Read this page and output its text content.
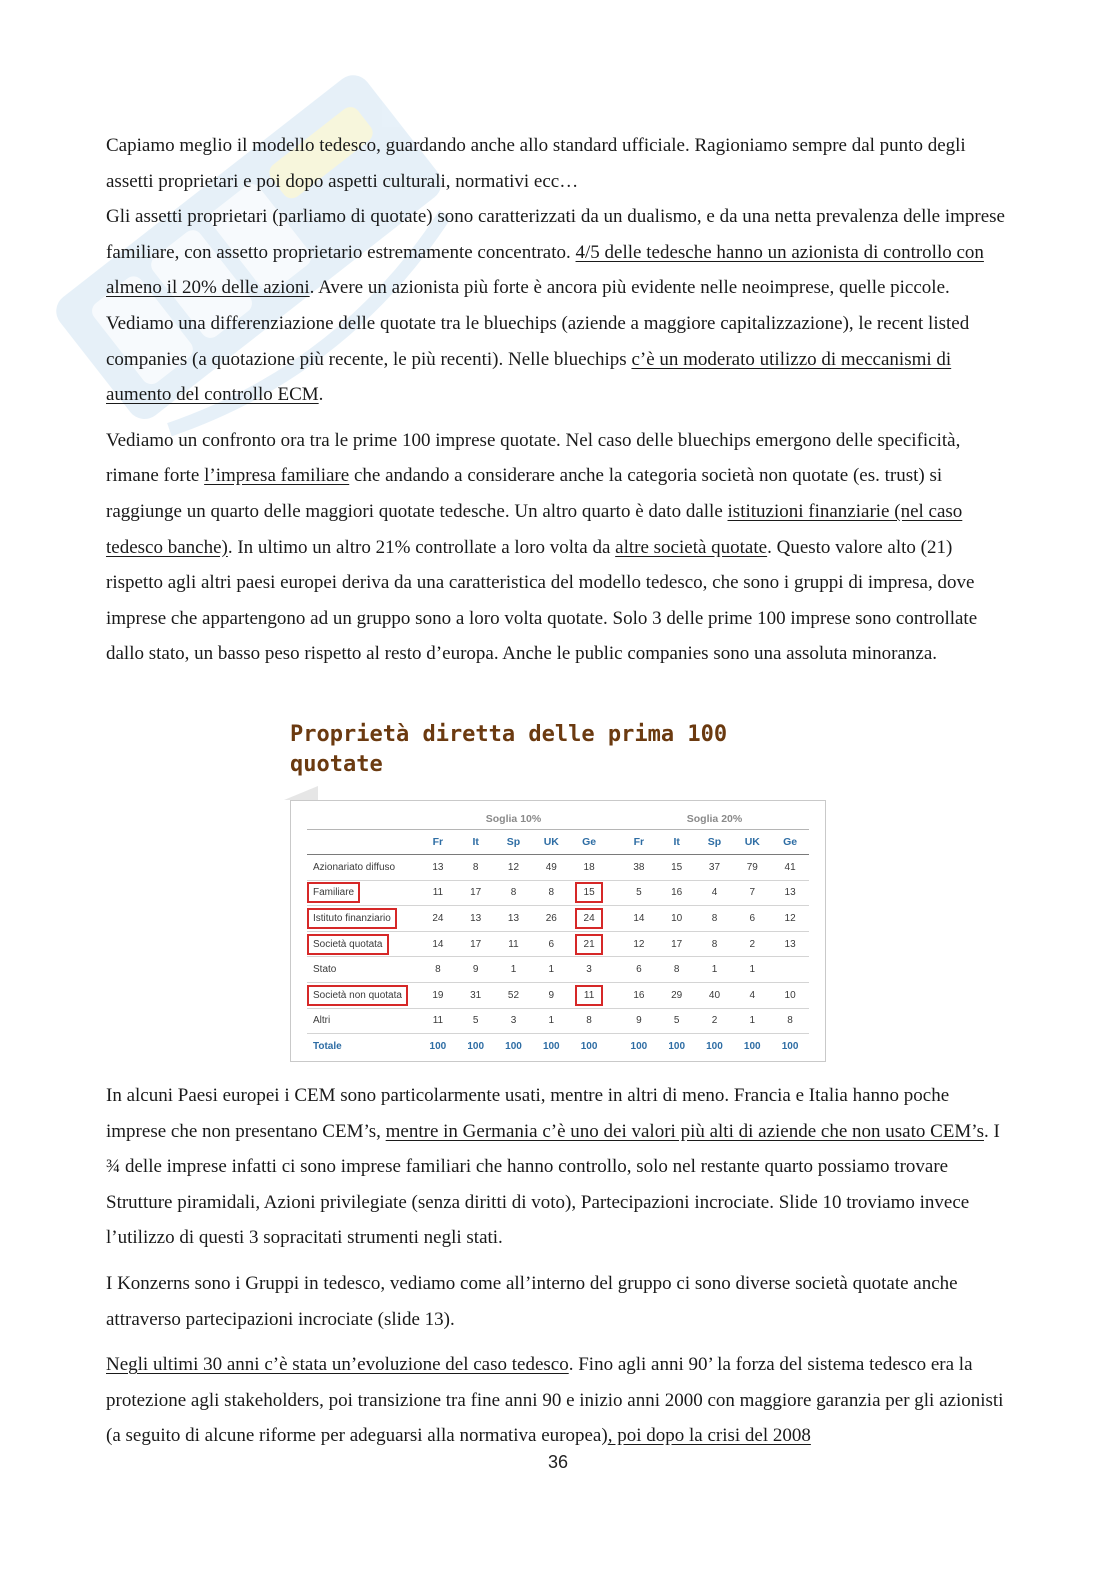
Capiamo meglio il modello tedesco, guardando anche allo standard ufficiale. Ragioniamo sempre dal punto degli assetti proprietari e poi dopo aspetti culturali, normativi ecc…

Gli assetti proprietari (parliamo di quotate) sono caratterizzati da un dualismo, e da una netta prevalenza delle imprese familiare, con assetto proprietario estremamente concentrato. 4/5 delle tedesche hanno un azionista di controllo con almeno il 20% delle azioni. Avere un azionista più forte è ancora più evidente nelle neoimprese, quelle piccole. Vediamo una differenziazione delle quotate tra le bluechips (aziende a maggiore capitalizzazione), le recent listed companies (a quotazione più recente, le più recenti). Nelle bluechips c’è un moderato utilizzo di meccanismi di aumento del controllo ECM.

Vediamo un confronto ora tra le prime 100 imprese quotate. Nel caso delle bluechips emergono delle specificità, rimane forte l’impresa familiare che andando a considerare anche la categoria società non quotate (es. trust) si raggiunge un quarto delle maggiori quotate tedesche. Un altro quarto è dato dalle istituzioni finanziarie (nel caso tedesco banche). In ultimo un altro 21% controllate a loro volta da altre società quotate. Questo valore alto (21) rispetto agli altri paesi europei deriva da una caratteristica del modello tedesco, che sono i gruppi di impresa, dove imprese che appartengono ad un gruppo sono a loro volta quotate. Solo 3 delle prime 100 imprese sono controllate dallo stato, un basso peso rispetto al resto d’europa. Anche le public companies sono una assoluta minoranza.

Proprietà diretta delle prima 100
quotate

	Soglia 10%						Soglia 20%				
	Fr	It	Sp	UK	Ge		Fr	It	Sp	UK	Ge
Azionariato diffuso	13	8	12	49	18		38	15	37	79	41
Familiare	11	17	8	8	15		5	16	4	7	13
Istituto finanziario	24	13	13	26	24		14	10	8	6	12
Società quotata	14	17	11	6	21		12	17	8	2	13
Stato	8	9	1	1	3		6	8	1	1	
Società non quotata	19	31	52	9	11		16	29	40	4	10
Altri	11	5	3	1	8		9	5	2	1	8
Totale	100	100	100	100	100		100	100	100	100	100

In alcuni Paesi europei i CEM sono particolarmente usati, mentre in altri di meno. Francia e Italia hanno poche imprese che non presentano CEM’s, mentre in Germania c’è uno dei valori più alti di aziende che non usato CEM’s. I ¾ delle imprese infatti ci sono imprese familiari che hanno controllo, solo nel restante quarto possiamo trovare Strutture piramidali, Azioni privilegiate (senza diritti di voto), Partecipazioni incrociate. Slide 10 troviamo invece l’utilizzo di questi 3 sopracitati strumenti negli stati.

I Konzerns sono i Gruppi in tedesco, vediamo come all’interno del gruppo ci sono diverse società quotate anche attraverso partecipazioni incrociate (slide 13).

Negli ultimi 30 anni c’è stata un’evoluzione del caso tedesco. Fino agli anni 90’ la forza del sistema tedesco era la protezione agli stakeholders, poi transizione tra fine anni 90 e inizio anni 2000 con maggiore garanzia per gli azionisti (a seguito di alcune riforme per adeguarsi alla normativa europea), poi dopo la crisi del 2008

36
